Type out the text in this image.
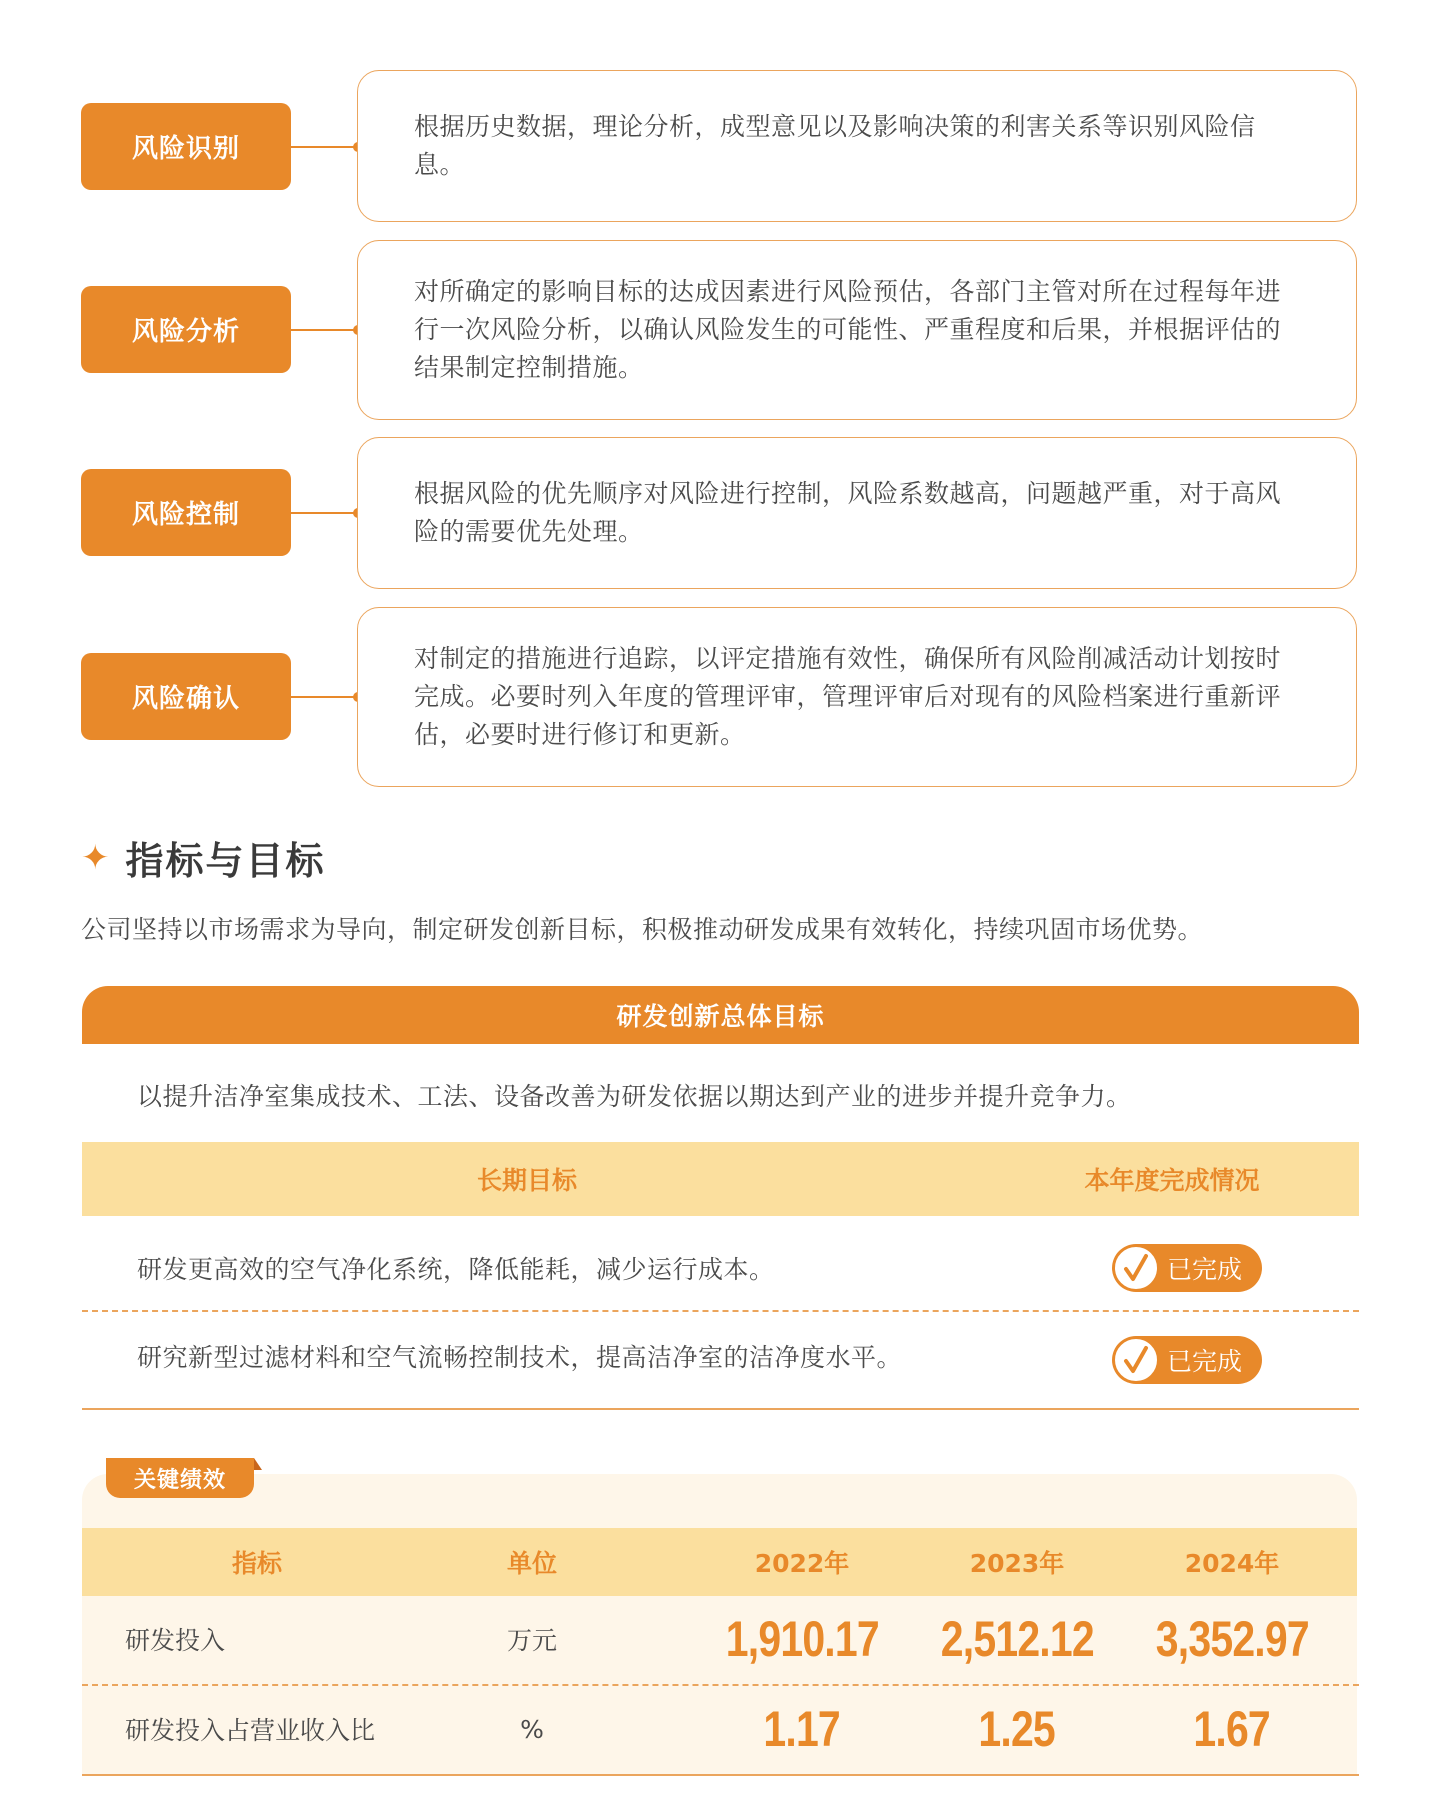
风险识别
根据历史数据，理论分析，成型意见以及影响决策的利害关系等识别风险信息。
风险分析
对所确定的影响目标的达成因素进行风险预估，各部门主管对所在过程每年进行一次风险分析，以确认风险发生的可能性、严重程度和后果，并根据评估的结果制定控制措施。
风险控制
根据风险的优先顺序对风险进行控制，风险系数越高，问题越严重，对于高风险的需要优先处理。
风险确认
对制定的措施进行追踪，以评定措施有效性，确保所有风险削减活动计划按时完成。必要时列入年度的管理评审，管理评审后对现有的风险档案进行重新评估，必要时进行修订和更新。
✦ 指标与目标
公司坚持以市场需求为导向，制定研发创新目标，积极推动研发成果有效转化，持续巩固市场优势。
研发创新总体目标
以提升洁净室集成技术、工法、设备改善为研发依据以期达到产业的进步并提升竞争力。
长期目标	本年度完成情况
研发更高效的空气净化系统，降低能耗，减少运行成本。	已完成
研究新型过滤材料和空气流畅控制技术，提高洁净室的洁净度水平。	已完成
关键绩效
指标	单位	2022年	2023年	2024年
研发投入	万元	1,910.17 2,512.12 3,352.97
研发投入占营业收入比	%	1.17	1.25	1.67
